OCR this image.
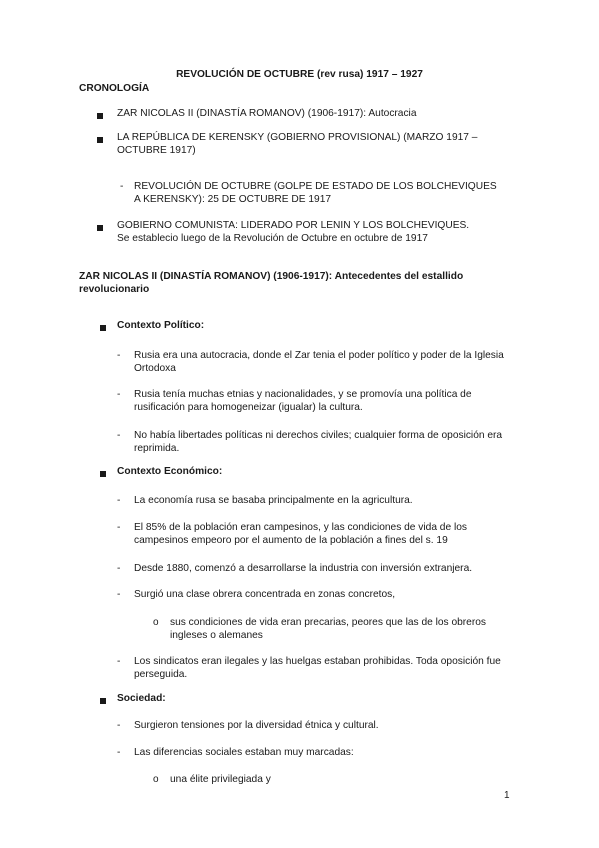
REVOLUCIÓN DE OCTUBRE (rev rusa) 1917 – 1927
CRONOLOGÍA
ZAR NICOLAS II (DINASTÍA ROMANOV) (1906-1917): Autocracia
LA REPÚBLICA DE KERENSKY (GOBIERNO PROVISIONAL) (MARZO 1917 –
OCTUBRE 1917)
- REVOLUCIÓN DE OCTUBRE (GOLPE DE ESTADO DE LOS BOLCHEVIQUES
A KERENSKY): 25 DE OCTUBRE DE 1917
GOBIERNO COMUNISTA: LIDERADO POR LENIN Y LOS BOLCHEVIQUES.
Se establecio luego de la Revolución de Octubre en octubre de 1917
ZAR NICOLAS II (DINASTÍA ROMANOV) (1906-1917): Antecedentes del estallido
revolucionario
Contexto Político:
- Rusia era una autocracia, donde el Zar tenia el poder político y poder de la Iglesia
Ortodoxa
- Rusia tenía muchas etnias y nacionalidades, y se promovía una política de
rusificación para homogeneizar (igualar) la cultura.
- No había libertades políticas ni derechos civiles; cualquier forma de oposición era
reprimida.
Contexto Económico:
- La economía rusa se basaba principalmente en la agricultura.
- El 85% de la población eran campesinos, y las condiciones de vida de los
campesinos empeoro por el aumento de la población a fines del s. 19
- Desde 1880, comenzó a desarrollarse la industria con inversión extranjera.
- Surgió una clase obrera concentrada en zonas concretos,
o sus condiciones de vida eran precarias, peores que las de los obreros
ingleses o alemanes
- Los sindicatos eran ilegales y las huelgas estaban prohibidas. Toda oposición fue
perseguida.
Sociedad:
- Surgieron tensiones por la diversidad étnica y cultural.
- Las diferencias sociales estaban muy marcadas:
o una élite privilegiada y
1
